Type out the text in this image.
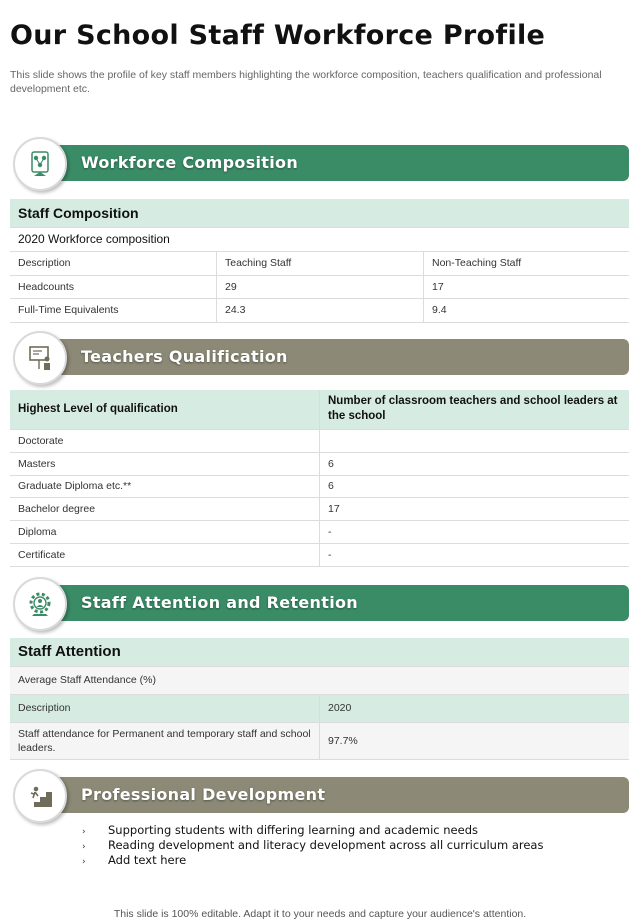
Our School Staff Workforce Profile
This slide shows the profile of key staff members highlighting the workforce composition, teachers qualification and professional development etc.
Workforce Composition
Staff Composition		
2020 Workforce composition		
Description	Teaching Staff	Non-Teaching Staff
Headcounts	29	17
Full-Time Equivalents	24.3	9.4
Teachers Qualification
Highest Level of qualification	Number of classroom teachers and school leaders at the school
Doctorate	
Masters	6
Graduate Diploma etc.**	6
Bachelor degree	17
Diploma	-
Certificate	-
Staff Attention and Retention
Staff Attention	
Average Staff Attendance (%)	
Description	2020
Staff attendance for Permanent and temporary staff and school leaders.	97.7%
Professional Development
› Supporting students with differing learning and academic needs
› Reading development and literacy development across all curriculum areas
› Add text here
This slide is 100% editable. Adapt it to your needs and capture your audience's attention.
